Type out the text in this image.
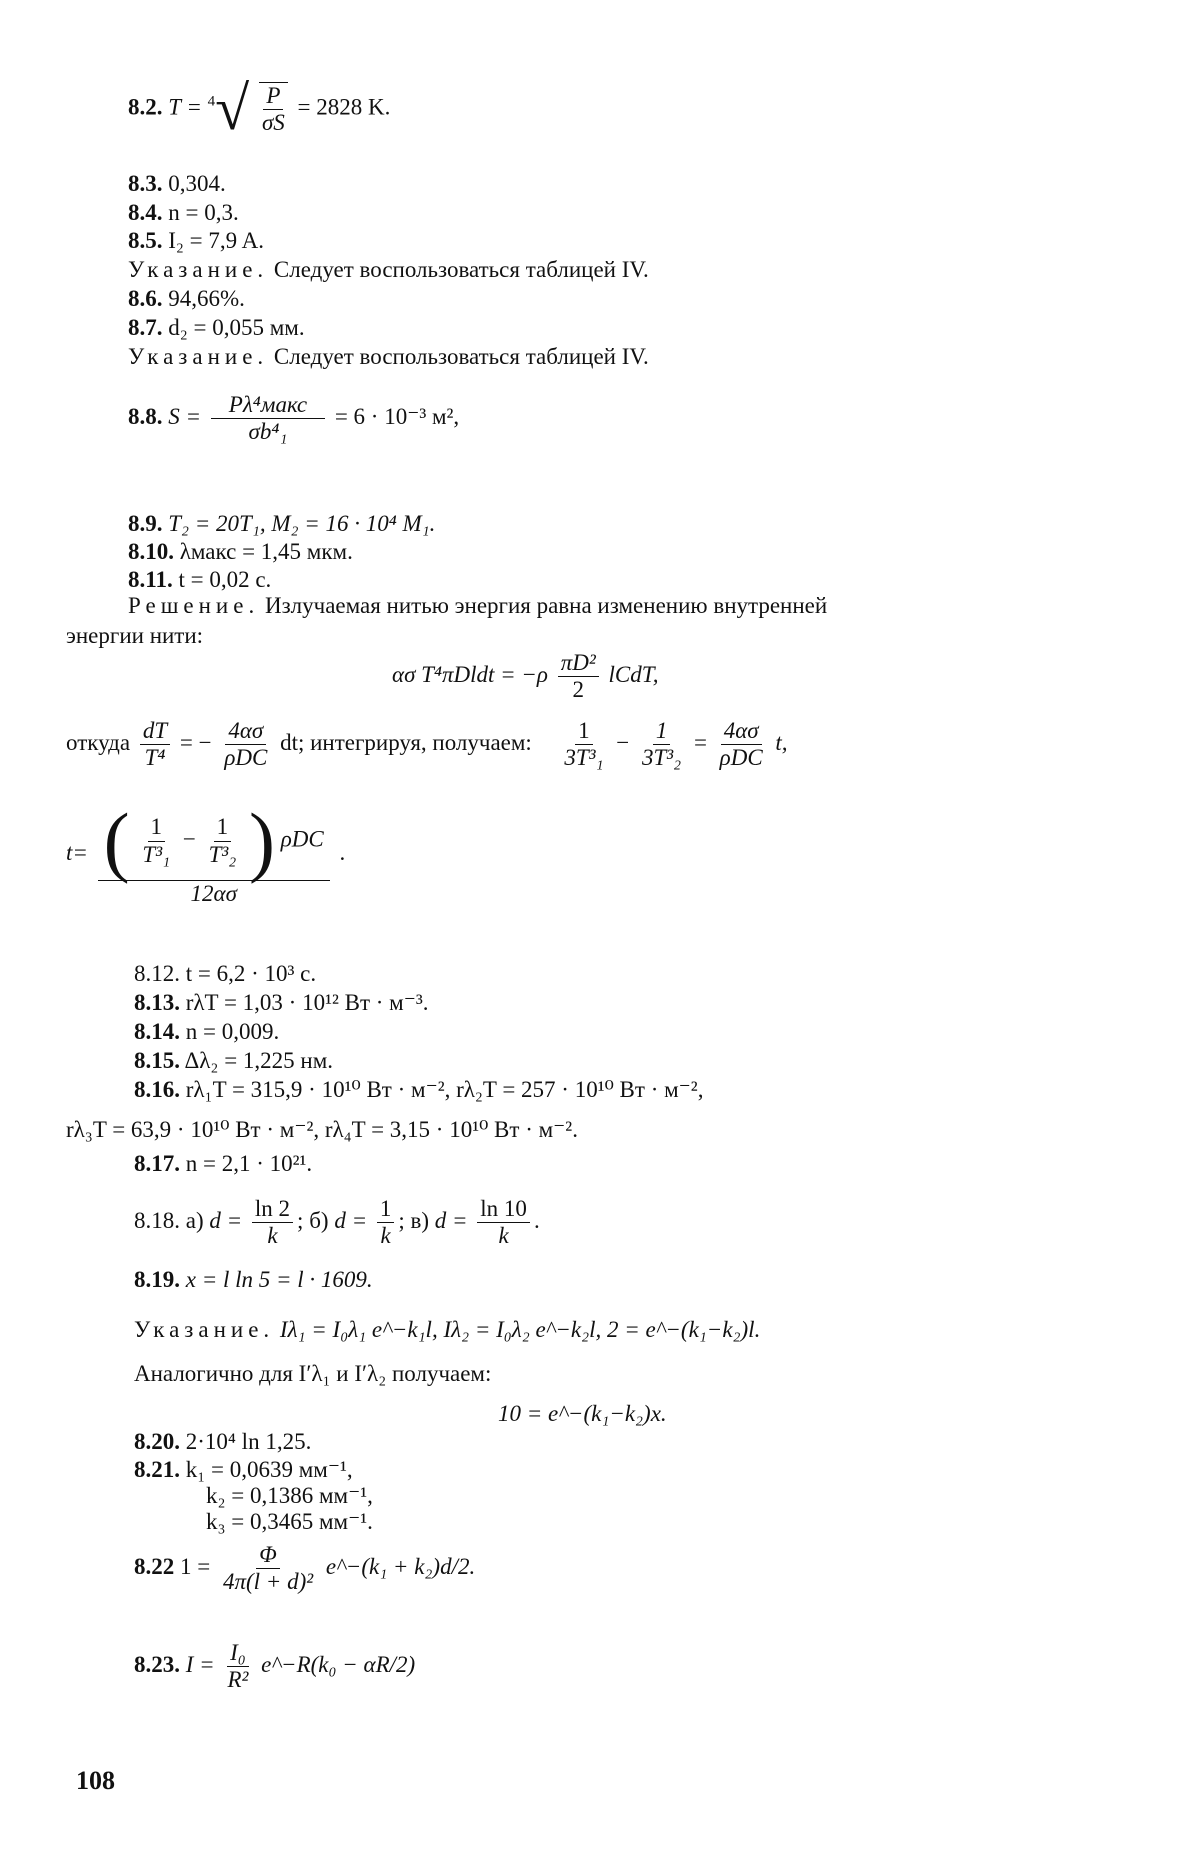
8.2. $T = ^4√ \frac{P}{\sigma S} = 2828$ K.
8.3. 0,304.
8.4. n = 0,3.
8.5. I₂ = 7,9 A.
Указание. Следует воспользоваться таблицей IV.
8.6. 94,66%.
8.7. d₂ = 0,055 мм.
Указание. Следует воспользоваться таблицей IV.
8.8. $S = \frac{\text{Pλ⁴макс}}{\text{σb⁴₁}} = 6 \cdot 10^{-3}$ м²,
8.9. T₂ = 20T₁, M₂ = 16 · 10⁴ M₁.
8.10. λмакс = 1,45 мкм.
8.11. t = 0,02 с.
Решение. Излучаемая нитью энергия равна изменению внутренней
энергии нити:
ασ T⁴πDldt = $-\rho \frac{\text{πD²}}{2}$ lCdT,
откуда $\frac{dT}{\text{T⁴}}$ = − $\frac{4\alpha\sigma}{\text{ρDC}}$ dt; интегрируя, получаем: $\frac{1}{\text{3T³₁}} - \frac{1}{\text{3T³₂}} = \frac{4\alpha\sigma}{\text{ρDC}} t$,
t= ( $\frac{1}{\text{T³₁}} - \frac{1}{\text{T³₂}}$ ) ρDC
12ασ
.
8.12. t = 6,2 · 10³ с.
8.13. rλT = 1,03 · 10¹² Вт · м⁻³.
8.14. n = 0,009.
8.15. Δλ₂ = 1,225 нм.
8.16. rλ₁T = 315,9 · 10¹⁰ Вт · м⁻², rλ₂T = 257 · 10¹⁰ Вт · м⁻²,
rλ₃T = 63,9 · 10¹⁰ Вт · м⁻², rλ₄T = 3,15 · 10¹⁰ Вт · м⁻².
8.17. n = 2,1 · 10²¹.
8.18. а) $d = \frac{\ln 2}{k}$ ; б) $d = \frac{1}{k}$ ; в) $d = \frac{\ln 10}{k}$ .
8.19. x = l ln 5 = l · 1609.
Указание. Iλ₁ = I₀λ₁ e^−k₁l, Iλ₂ = I₀λ₂ e^−k₂l, 2 = e^−(k₁−k₂)l.
Аналогично для I′λ₁ и I′λ₂ получаем:
10 = e^−(k₁−k₂)x.
8.20. 2·10⁴ ln 1,25.
8.21. k₁ = 0,0639 мм⁻¹,
k₂ = 0,1386 мм⁻¹,
k₃ = 0,3465 мм⁻¹.
8.22 $1 = \frac{\Phi}{\text{4π(l + d)²}}$ e^−(k₁ + k₂)d/2.
8.23. $I = \frac{\text{I₀}}{\text{R²}}$ e^−R(k₀ − αR/2)
108
